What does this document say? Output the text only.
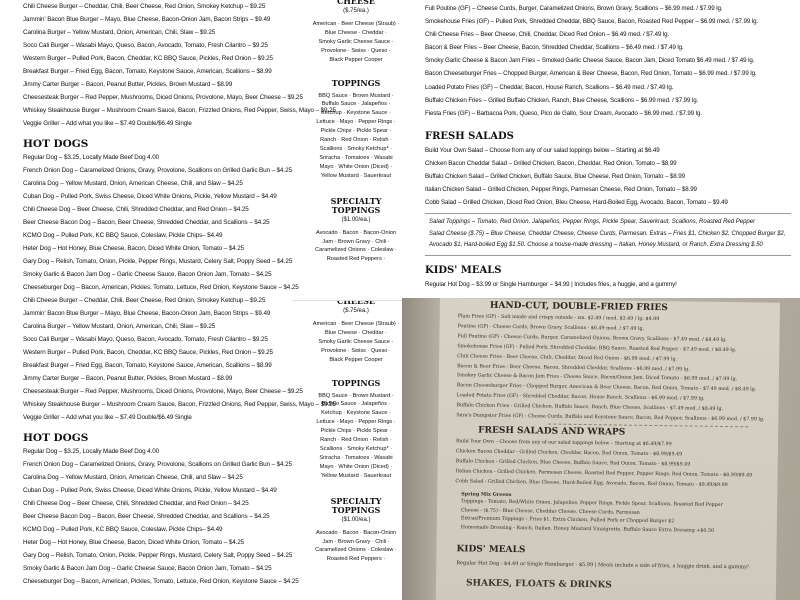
Chili Cheese Burger – Cheddar, Chili, Beer Cheese, Red Onion, Smokey Ketchup – $9.25
Jammin' Bacon Blue Burger – Mayo, Blue Cheese, Bacon-Onion Jam, Bacon Strips – $9.49
Carolina Burger – Yellow Mustard, Onion, American, Chili, Slaw – $9.25
Soco Cali Burger – Wasabi Mayo, Queso, Bacon, Avocado, Tomato, Fresh Cilantro – $9.25
Western Burger – Pulled Pork, Bacon, Cheddar, KC BBQ Sauce, Pickles, Red Onion – $9.25
Breakfast Burger – Fried Egg, Bacon, Tomato, Keystone Sauce, American, Scallions – $8.99
Jimmy Carter Burger – Bacon, Peanut Butter, Pickles, Brown Mustard – $8.99
Cheesesteak Burger – Red Pepper, Mushrooms, Diced Onions, Provolone, Mayo, Beer Cheese – $9.25
Whiskey Steakhouse Burger – Mushroom Cream Sauce, Bacon, Frizzled Onions, Red Pepper, Swiss, Mayo – $9.25
Veggie Griller – Add what you like – $7.49 Double/$6.49 Single
HOT DOGS
Regular Dog – $3.25, Locally Made Beef Dog 4.00
French Onion Dog – Caramelized Onions, Gravy, Provolone, Scallions on Grilled Garlic Bun – $4.25
Carolina Dog – Yellow Mustard, Onion, American Cheese, Chili, and Slaw – $4.25
Cuban Dog – Pulled Pork, Swiss Cheese, Diced White Onions, Pickle, Yellow Mustard – $4.49
Chili Cheese Dog – Beer Cheese, Chili, Shredded Cheddar, and Red Onion – $4.25
Beer Cheese Bacon Dog – Bacon, Beer Cheese, Shredded Cheddar, and Scallions – $4.25
KCMO Dog – Pulled Pork, KC BBQ Sauce, Coleslaw, Pickle Chips– $4.49
Heter Dog – Hot Honey, Blue Cheese, Bacon, Diced White Onion, Tomato – $4.25
Gary Dog – Relish, Tomato, Onion, Pickle, Pepper Rings, Mustard, Celery Salt, Poppy Seed – $4.25
Smoky Garlic & Bacon Jam Dog – Garlic Cheese Sauce, Bacon Onion Jam, Tomato – $4.25
Cheeseburger Dog – Bacon, American, Pickles, Tomato, Lettuce, Red Onion, Keystone Sauce – $4.25
Chili Cheese Burger – Cheddar, Chili, Beer Cheese, Red Onion, Smokey Ketchup – $9.25
Jammin' Bacon Blue Burger – Mayo, Blue Cheese, Bacon-Onion Jam, Bacon Strips – $9.49
Carolina Burger – Yellow Mustard, Onion, American, Chili, Slaw – $9.25
Soco Cali Burger – Wasabi Mayo, Queso, Bacon, Avocado, Tomato, Fresh Cilantro – $9.25
Western Burger – Pulled Pork, Bacon, Cheddar, KC BBQ Sauce, Pickles, Red Onion – $9.25
Breakfast Burger – Fried Egg, Bacon, Tomato, Keystone Sauce, American, Scallions – $8.99
Jimmy Carter Burger – Bacon, Peanut Butter, Pickles, Brown Mustard – $8.99
Cheesesteak Burger – Red Pepper, Mushrooms, Diced Onions, Provolone, Mayo, Beer Cheese – $9.25
Whiskey Steakhouse Burger – Mushroom Cream Sauce, Bacon, Frizzled Onions, Red Pepper, Swiss, Mayo – $9.25
Veggie Griller – Add what you like – $7.49 Double/$6.49 Single
HOT DOGS
Regular Dog – $3.25, Locally Made Beef Dog 4.00
French Onion Dog – Caramelized Onions, Gravy, Provolone, Scallions on Grilled Garlic Bun – $4.25
Carolina Dog – Yellow Mustard, Onion, American Cheese, Chili, and Slaw – $4.25
Cuban Dog – Pulled Pork, Swiss Cheese, Diced White Onions, Pickle, Yellow Mustard – $4.49
Chili Cheese Dog – Beer Cheese, Chili, Shredded Cheddar, and Red Onion – $4.25
Beer Cheese Bacon Dog – Bacon, Beer Cheese, Shredded Cheddar, and Scallions – $4.25
KCMO Dog – Pulled Pork, KC BBQ Sauce, Coleslaw, Pickle Chips– $4.49
Heter Dog – Hot Honey, Blue Cheese, Bacon, Diced White Onion, Tomato – $4.25
Gary Dog – Relish, Tomato, Onion, Pickle, Pepper Rings, Mustard, Celery Salt, Poppy Seed – $4.25
Smoky Garlic & Bacon Jam Dog – Garlic Cheese Sauce, Bacon Onion Jam, Tomato – $4.25
Cheeseburger Dog – Bacon, American, Pickles, Tomato, Lettuce, Red Onion, Keystone Sauce – $4.25
CHEESE
($.75/ea.)
American · Beer Cheese (Straub) ·
Blue Cheese · Cheddar ·
Smoky Garlic Cheese Sauce ·
Provolone · Swiss · Queso ·
Black Pepper Cooper
TOPPINGS
BBQ Sauce · Brown Mustard ·
Buffalo Sauce · Jalapeños ·
Ketchup · Keystone Sauce ·
Lettuce · Mayo · Pepper Rings ·
Pickle Chips · Pickle Spear ·
Ranch · Red Onion · Relish ·
Scallions · Smoky Ketchup* ·
Sriracha · Tomatoes · Wasabi
Mayo · White Onion (Diced) ·
Yellow Mustard · Sauerkraut
SPECIALTY
TOPPINGS
($1.00/ea.)
Avocado · Bacon · Bacon-Onion
Jam · Brown Gravy · Chili ·
Caramelized Onions · Coleslaw ·
Roasted Red Peppers ·
CHEESE
($.75/ea.)
American · Beer Cheese (Straub) ·
Blue Cheese · Cheddar ·
Smoky Garlic Cheese Sauce ·
Provolone · Swiss · Queso ·
Black Pepper Cooper
TOPPINGS
BBQ Sauce · Brown Mustard ·
Buffalo Sauce · Jalapeños ·
Ketchup · Keystone Sauce ·
Lettuce · Mayo · Pepper Rings ·
Pickle Chips · Pickle Spear ·
Ranch · Red Onion · Relish ·
Scallions · Smoky Ketchup* ·
Sriracha · Tomatoes · Wasabi
Mayo · White Onion (Diced) ·
Yellow Mustard · Sauerkraut
SPECIALTY
TOPPINGS
($1.00/ea.)
Avocado · Bacon · Bacon-Onion
Jam · Brown Gravy · Chili ·
Caramelized Onions · Coleslaw ·
Roasted Red Peppers ·
Full Poutine (GF) – Cheese Curds, Burger, Caramelized Onions, Brown Gravy, Scallions – $6.99 med. / $7.99 lg.
Smokehouse Fries (GF) – Pulled Pork, Shredded Cheddar, BBQ Sauce, Bacon, Roasted Red Pepper – $6.99 med. / $7.99 lg.
Chili Cheese Fries – Beer Cheese, Chili, Cheddar, Diced Red Onion – $6.49 med. / $7.49 lg.
Bacon & Beer Fries – Beer Cheese, Bacon, Shredded Cheddar, Scallions – $6.49 med. / $7.49 lg.
Smoky Garlic Cheese & Bacon Jam Fries – Smoked Garlic Cheese Sauce, Bacon Jam, Diced Tomato $6.49 med. / $7.49 lg.
Bacon Cheeseburger Fries – Chopped Burger, American & Beer Cheese, Bacon, Red Onion, Tomato – $6.99 med. / $7.99 lg.
Loaded Potato Fries (GF) – Cheddar, Bacon, House Ranch, Scallions – $6.49 med. / $7.49 lg.
Buffalo Chicken Fries – Grilled Buffalo Chicken, Ranch, Blue Cheese, Scallions – $6.99 med. / $7.99 lg.
Fiesta Fries (GF) – Barbacoa Pork, Queso, Pico de Gallo, Sour Cream, Avocado – $6.99 med. / $7.99 lg.
FRESH SALADS
Build Your Own Salad – Choose from any of our salad toppings below – Starting at $6.49
Chicken Bacon Cheddar Salad – Grilled Chicken, Bacon, Cheddar, Red Onion, Tomato – $8.99
Buffalo Chicken Salad – Grilled Chicken, Buffalo Sauce, Blue Cheese, Red Onion, Tomato – $8.99
Italian Chicken Salad – Grilled Chicken, Pepper Rings, Parmesan Cheese, Red Onion, Tomato – $8.99
Cobb Salad – Grilled Chicken, Diced Red Onion, Bleu Cheese, Hard-Boiled Egg, Avocado, Bacon, Tomato – $9.49
Salad Toppings – Tomato, Red Onion, Jalapeños, Pepper Rings, Pickle Spear, Sauerkraut, Scallions, Roasted Red Pepper
Salad Cheese ($.75) – Blue Cheese, Cheddar Cheese, Cheese Curds, Parmesan. Extras – Fries $1, Chicken $2, Chopped Burger $2,
Avocado $1, Hard-boiled Egg $1.50. Choose a house-made dressing – Italian, Honey Mustard, or Ranch. Extra Dressing $.50
KIDS' MEALS
Regular Hot Dog – $3.99 or Single Hamburger – $4.99 | Includes fries, a huggie, and a gummy!
HAND-CUT, DOUBLE-FRIED FRIES
Plain Fries (GF) - Salt inside and crispy outside - sm. $2.49 / med. $3.49 / lg. $4.99
Poutine (GF) - Cheese Curds, Brown Gravy, Scallions - $6.49 med. / $7.49 lg.
Full Poutine (GF) - Cheese Curds, Burger, Caramelized Onions, Brown Gravy, Scallions - $7.49 med. / $8.49 lg.
Smokehouse Fries (GF) - Pulled Pork, Shredded Cheddar, BBQ Sauce, Roasted Red Pepper - $7.49 med. / $8.49 lg.
Chili Cheese Fries - Beer Cheese, Chili, Cheddar, Diced Red Onion - $6.99 med. / $7.99 lg.
Bacon & Beer Fries - Beer Cheese, Bacon, Shredded Cheddar, Scallions - $6.99 med. / $7.99 lg.
Smokey Garlic Cheese & Bacon Jam Fries - Cheese Sauce, Bacon/Onion Jam, Diced Tomato - $6.99 med. / $7.99 lg.
Bacon Cheeseburger Fries - Chopped Burger, American & Beer Cheese, Bacon, Red Onion, Tomato - $7.49 med. / $8.49 lg.
Loaded Potato Fries (GF) - Shredded Cheddar, Bacon, House Ranch, Scallions - $6.99 med. / $7.99 lg.
Buffalo Chicken Fries - Grilled Chicken, Buffalo Sauce, Ranch, Blue Cheese, Scallions - $7.49 med. / $8.49 lg.
Sara's Dumpster Fries (GF) - Cheese Curds, Buffalo and Keystone Sauce, Bacon, Red Pepper, Scallions - $6.99 med. / $7.99 lg.
FRESH SALADS AND WRAPS
Build Your Own – Choose from any of our salad toppings below – Starting at $6.49/$7.99
Chicken Bacon Cheddar - Grilled Chicken, Cheddar, Bacon, Red Onion, Tomato - $8.99/$9.49
Buffalo Chicken - Grilled Chicken, Blue Cheese, Buffalo Sauce, Red Onion, Tomato - $8.99/$9.49
Italian Chicken - Grilled Chicken, Parmesan Cheese, Roasted Red Pepper, Pepper Rings, Red Onion, Tomato - $8.99/$9.49
Cobb Salad - Grilled Chicken, Blue Cheese, Hard-Boiled Egg, Avocado, Bacon, Red Onion, Tomato - $9.49/$9.99
Spring Mix Greens
Toppings - Tomato, Red/White Onion, Jalapeños, Pepper Rings, Pickle Spear, Scallions, Roasted Red Pepper
Cheese - ($.75) - Blue Cheese, Cheddar Cheese, Cheese Curds, Parmesan
Extras/Premium Toppings – Fries $1, Extra Chicken, Pulled Pork or Chopped Burger $2
Homemade Dressing - Ranch, Italian, Honey Mustard Vinaigrette, Buffalo Sauce Extra Dressing +$0.50
KIDS' MEALS
Regular Hot Dog - $4.49 or Single Hamburger - $5.99 | Meals include a side of fries, a huggie drink, and a gummy!
SHAKES, FLOATS & DRINKS
